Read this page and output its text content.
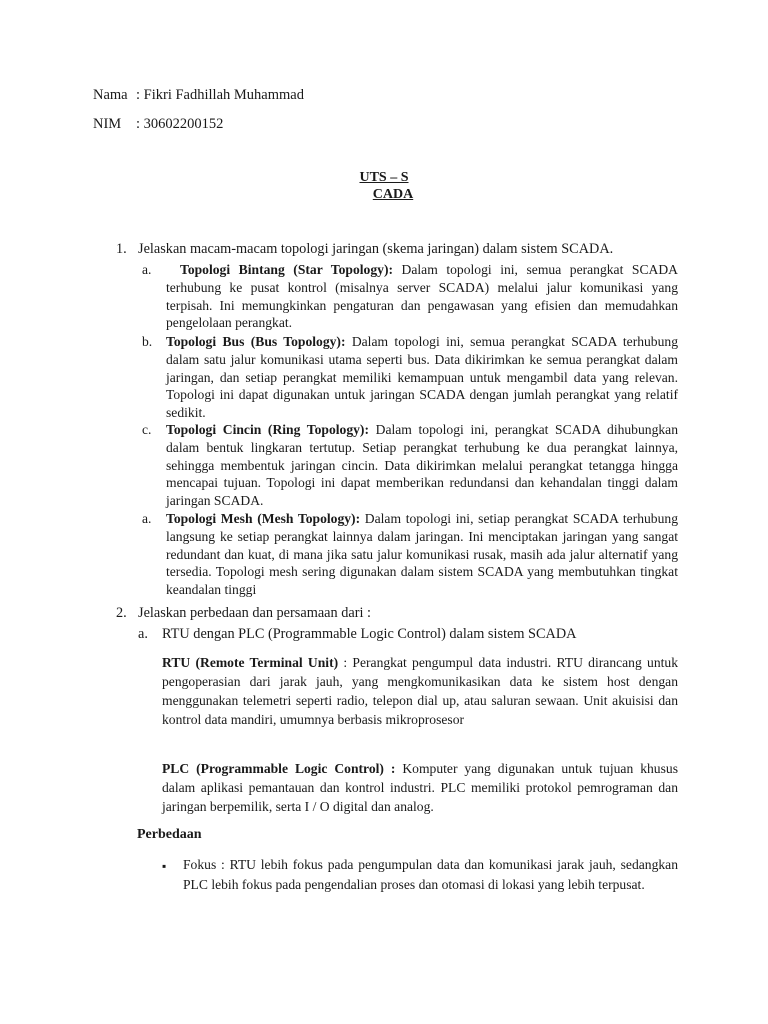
Nama : Fikri Fadhillah Muhammad
NIM : 30602200152
UTS – S
CADA
1. Jelaskan macam-macam topologi jaringan (skema jaringan) dalam sistem SCADA.
a.	Topologi Bintang (Star Topology): Dalam topologi ini, semua perangkat SCADA terhubung ke pusat kontrol (misalnya server SCADA) melalui jalur komunikasi yang terpisah. Ini memungkinkan pengaturan dan pengawasan yang efisien dan memudahkan pengelolaan perangkat.
b. Topologi Bus (Bus Topology): Dalam topologi ini, semua perangkat SCADA terhubung dalam satu jalur komunikasi utama seperti bus. Data dikirimkan ke semua perangkat dalam jaringan, dan setiap perangkat memiliki kemampuan untuk mengambil data yang relevan. Topologi ini dapat digunakan untuk jaringan SCADA dengan jumlah perangkat yang relatif sedikit.
c. Topologi Cincin (Ring Topology): Dalam topologi ini, perangkat SCADA dihubungkan dalam bentuk lingkaran tertutup. Setiap perangkat terhubung ke dua perangkat lainnya, sehingga membentuk jaringan cincin. Data dikirimkan melalui perangkat tetangga hingga mencapai tujuan. Topologi ini dapat memberikan redundansi dan kehandalan tinggi dalam jaringan SCADA.
a. Topologi Mesh (Mesh Topology): Dalam topologi ini, setiap perangkat SCADA terhubung langsung ke setiap perangkat lainnya dalam jaringan. Ini menciptakan jaringan yang sangat redundant dan kuat, di mana jika satu jalur komunikasi rusak, masih ada jalur alternatif yang tersedia. Topologi mesh sering digunakan dalam sistem SCADA yang membutuhkan tingkat keandalan tinggi
2. Jelaskan perbedaan dan persamaan dari :
a. RTU dengan PLC (Programmable Logic Control) dalam sistem SCADA
RTU (Remote Terminal Unit) : Perangkat pengumpul data industri. RTU dirancang untuk pengoperasian dari jarak jauh, yang mengkomunikasikan data ke sistem host dengan menggunakan telemetri seperti radio, telepon dial up, atau saluran sewaan. Unit akuisisi dan kontrol data mandiri, umumnya berbasis mikroprosesor
PLC (Programmable Logic Control) : Komputer yang digunakan untuk tujuan khusus dalam aplikasi pemantauan dan kontrol industri. PLC memiliki protokol pemrograman dan jaringan berpemilik, serta I / O digital dan analog.
Perbedaan
▪ Fokus : RTU lebih fokus pada pengumpulan data dan komunikasi jarak jauh, sedangkan PLC lebih fokus pada pengendalian proses dan otomasi di lokasi yang lebih terpusat.
